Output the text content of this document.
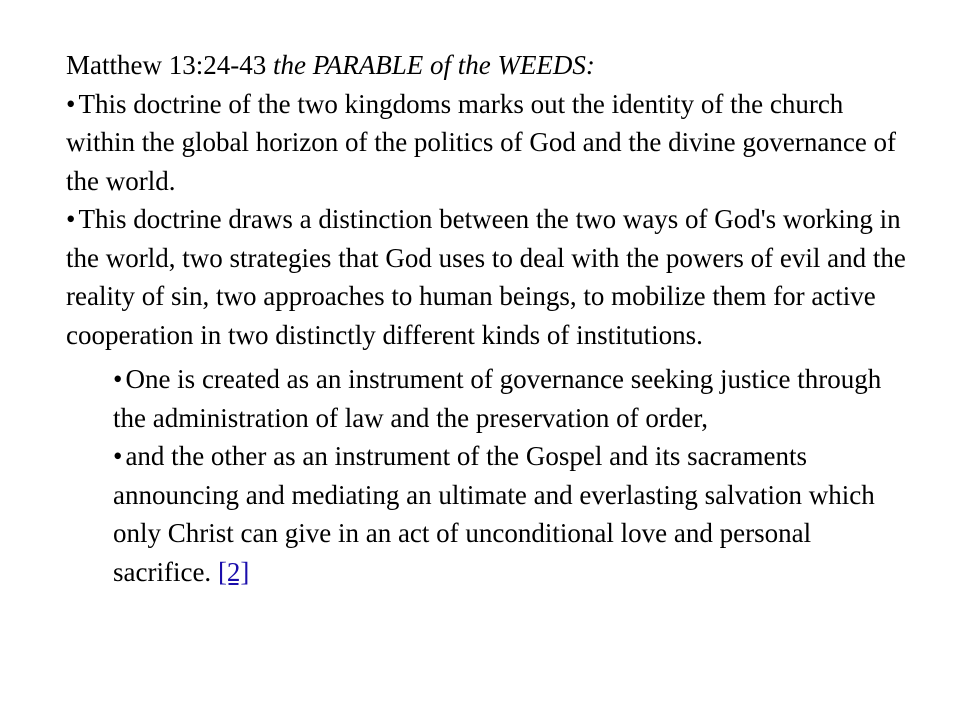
Matthew 13:24-43 the PARABLE of the WEEDS:

• This doctrine of the two kingdoms marks out the identity of the church within the global horizon of the politics of God and the divine governance of the world.

• This doctrine draws a distinction between the two ways of God's working in the world, two strategies that God uses to deal with the powers of evil and the reality of sin, two approaches to human beings, to mobilize them for active cooperation in two distinctly different kinds of institutions.

• One is created as an instrument of governance seeking justice through the administration of law and the preservation of order,

• and the other as an instrument of the Gospel and its sacraments announcing and mediating an ultimate and everlasting salvation which only Christ can give in an act of unconditional love and personal sacrifice. [2]
